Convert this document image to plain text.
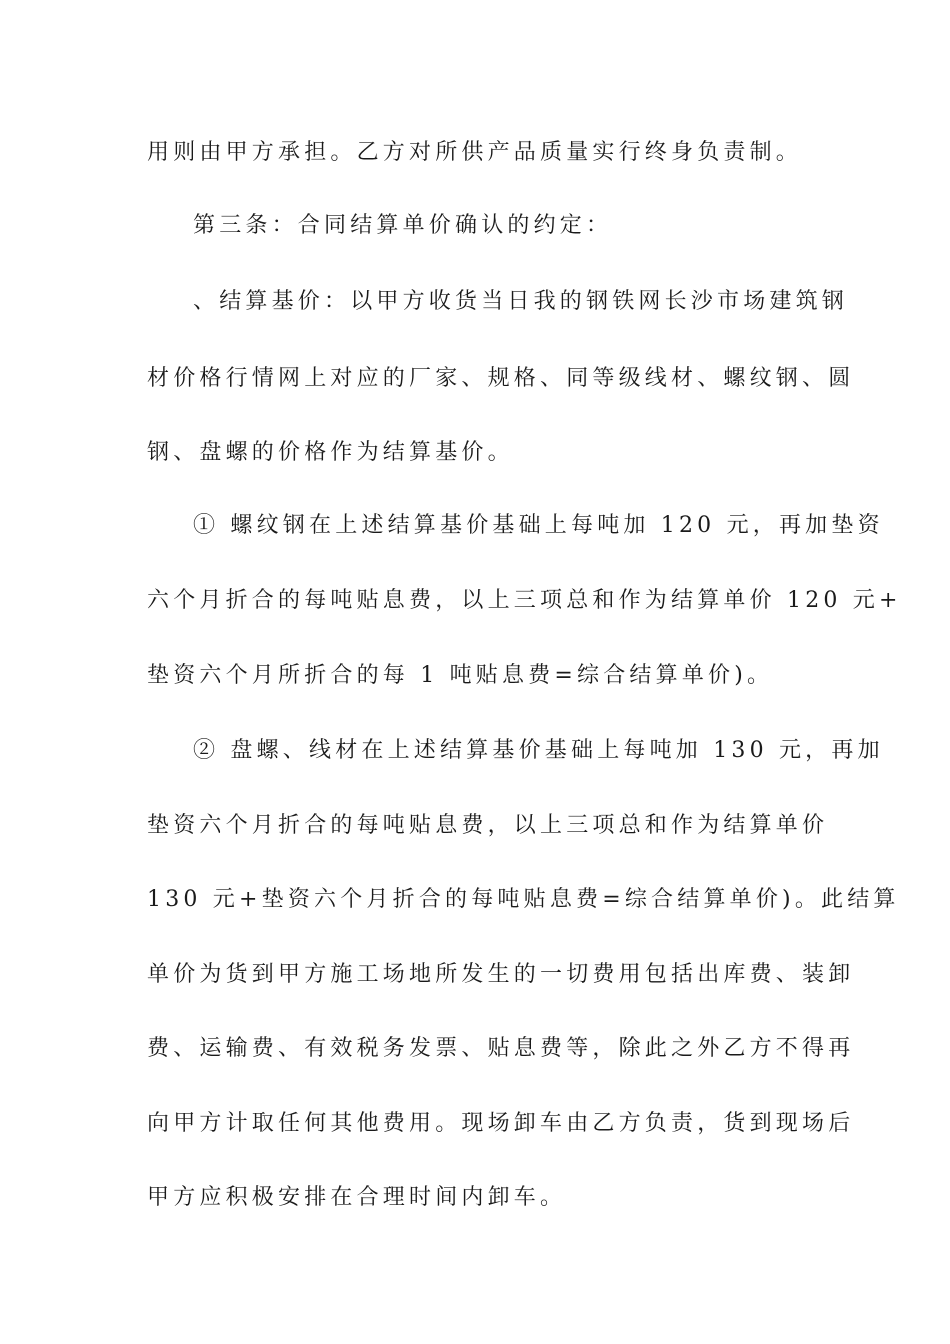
用则由甲方承担。乙方对所供产品质量实行终身负责制。
第三条：合同结算单价确认的约定：
、结算基价：以甲方收货当日我的钢铁网长沙市场建筑钢
材价格行情网上对应的厂家、规格、同等级线材、螺纹钢、圆
钢、盘螺的价格作为结算基价。
① 螺纹钢在上述结算基价基础上每吨加 120 元，再加垫资
六个月折合的每吨贴息费，以上三项总和作为结算单价 120 元+
垫资六个月所折合的每 1 吨贴息费=综合结算单价)。
② 盘螺、线材在上述结算基价基础上每吨加 130 元，再加
垫资六个月折合的每吨贴息费，以上三项总和作为结算单价
130 元+垫资六个月折合的每吨贴息费=综合结算单价)。此结算
单价为货到甲方施工场地所发生的一切费用包括出库费、装卸
费、运输费、有效税务发票、贴息费等，除此之外乙方不得再
向甲方计取任何其他费用。现场卸车由乙方负责，货到现场后
甲方应积极安排在合理时间内卸车。
